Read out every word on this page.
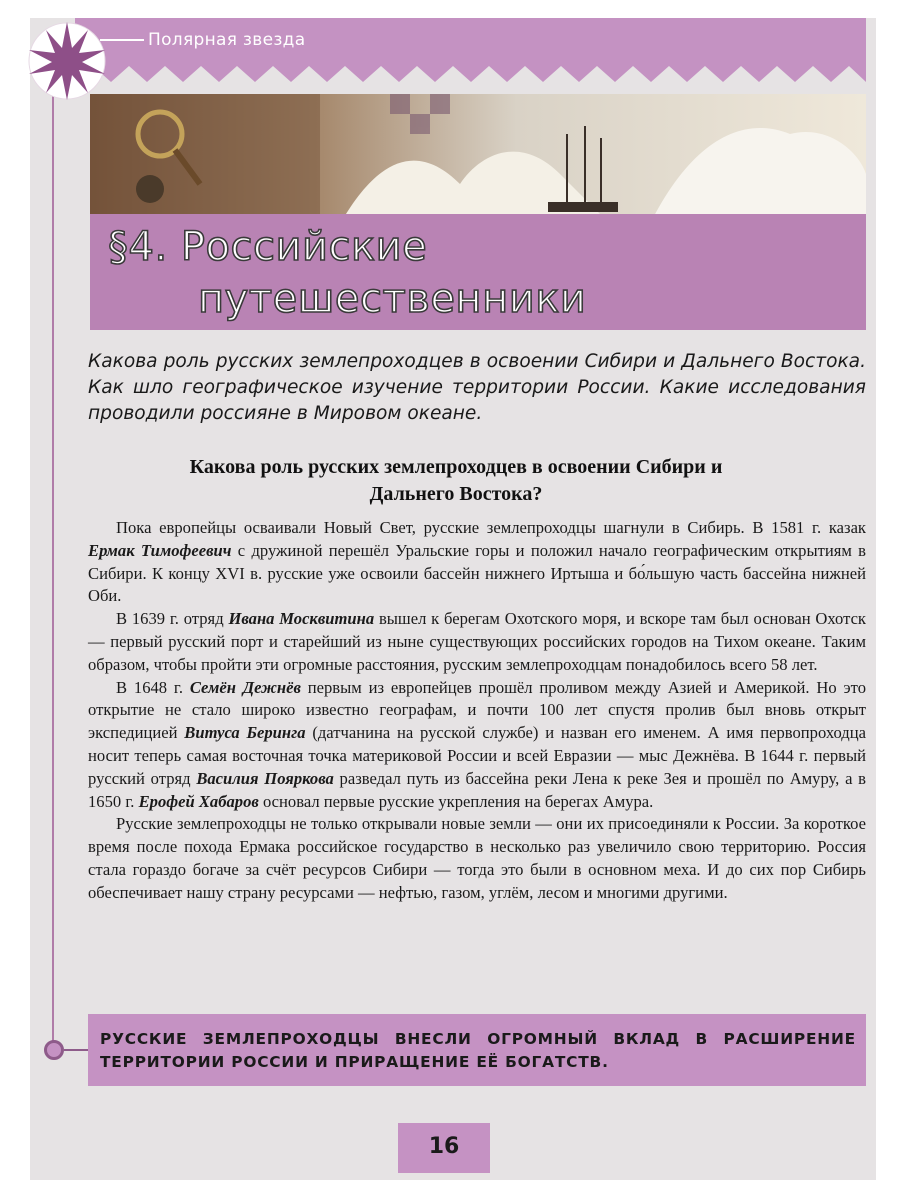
Полярная звезда
§4. Российские
путешественники
Какова роль русских землепроходцев в освоении Сибири и Дальнего Востока. Как шло географическое изучение территории России. Какие исследования проводили россияне в Мировом океане.
Какова роль русских землепроходцев в освоении Сибири и
Дальнего Востока?

Пока европейцы осваивали Новый Свет, русские землепроходцы шагнули в Сибирь. В 1581 г. казак Ермак Тимофеевич с дружиной перешёл Уральские горы и положил начало географическим открытиям в Сибири. К концу XVI в. русские уже освоили бассейн нижнего Иртыша и бо́льшую часть бассейна нижней Оби.

В 1639 г. отряд Ивана Москвитина вышел к берегам Охотского моря, и вскоре там был основан Охотск — первый русский порт и старейший из ныне существующих российских городов на Тихом океане. Таким образом, чтобы пройти эти огромные расстояния, русским землепроходцам понадобилось всего 58 лет.

В 1648 г. Семён Дежнёв первым из европейцев прошёл проливом между Азией и Америкой. Но это открытие не стало широко известно географам, и почти 100 лет спустя пролив был вновь открыт экспедицией Витуса Беринга (датчанина на русской службе) и назван его именем. А имя первопроходца носит теперь самая восточная точка материковой России и всей Евразии — мыс Дежнёва. В 1644 г. первый русский отряд Василия Пояркова разведал путь из бассейна реки Лена к реке Зея и прошёл по Амуру, а в 1650 г. Ерофей Хабаров основал первые русские укрепления на берегах Амура.

Русские землепроходцы не только открывали новые земли — они их присоединяли к России. За короткое время после похода Ермака российское государство в несколько раз увеличило свою территорию. Россия стала гораздо богаче за счёт ресурсов Сибири — тогда это были в основном меха. И до сих пор Сибирь обеспечивает нашу страну ресурсами — нефтью, газом, углём, лесом и многими другими.

РУССКИЕ ЗЕМЛЕПРОХОДЦЫ ВНЕСЛИ ОГРОМНЫЙ ВКЛАД В РАСШИРЕНИЕ ТЕРРИТОРИИ РОССИИ И ПРИРАЩЕНИЕ ЕЁ БОГАТСТВ.
16
